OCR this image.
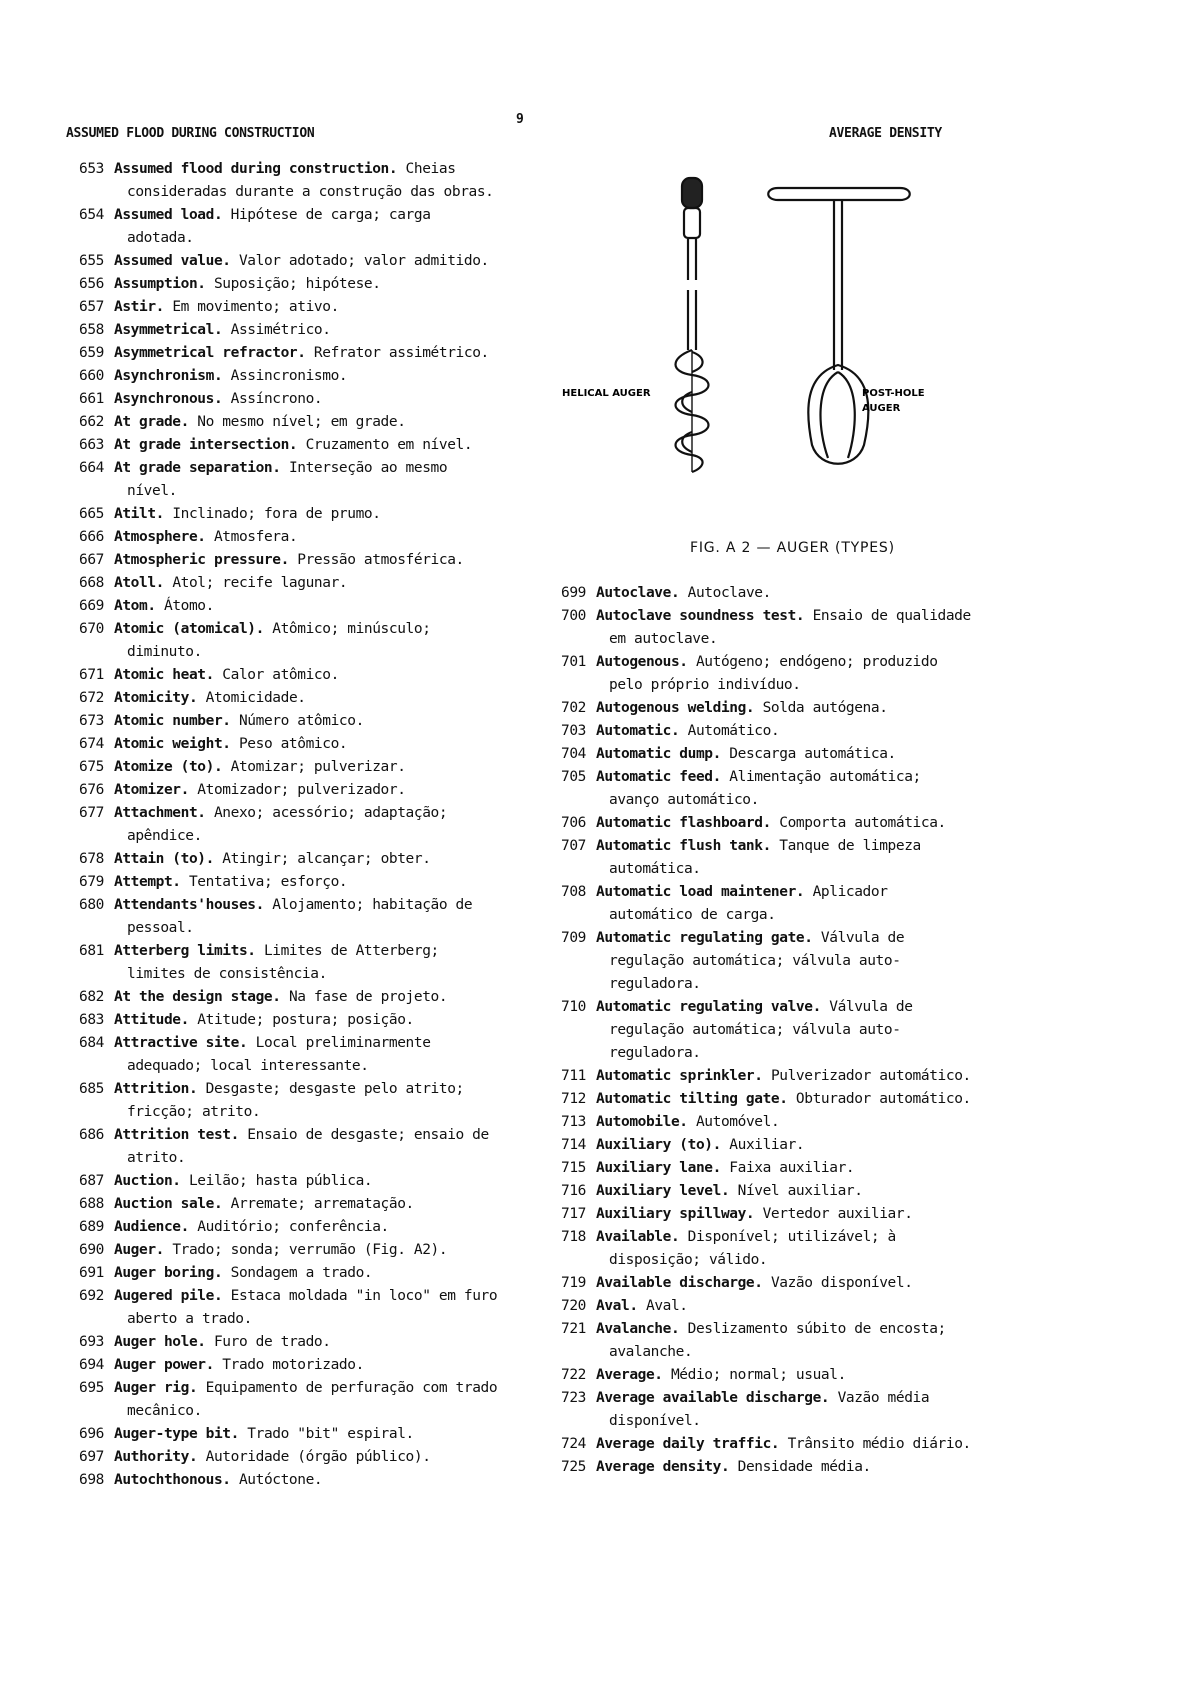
ASSUMED FLOOD DURING CONSTRUCTION
9
AVERAGE DENSITY
653 Assumed flood during construction. Cheias consideradas durante a construção das obras.
654 Assumed load. Hipótese de carga; carga adotada.
655 Assumed value. Valor adotado; valor admitido.
656 Assumption. Suposição; hipótese.
657 Astir. Em movimento; ativo.
658 Asymmetrical. Assimétrico.
659 Asymmetrical refractor. Refrator assimétrico.
660 Asynchronism. Assincronismo.
661 Asynchronous. Assíncrono.
662 At grade. No mesmo nível; em grade.
663 At grade intersection. Cruzamento em nível.
664 At grade separation. Interseção ao mesmo nível.
665 Atilt. Inclinado; fora de prumo.
666 Atmosphere. Atmosfera.
667 Atmospheric pressure. Pressão atmosférica.
668 Atoll. Atol; recife lagunar.
669 Atom. Átomo.
670 Atomic (atomical). Atômico; minúsculo; diminuto.
671 Atomic heat. Calor atômico.
672 Atomicity. Atomicidade.
673 Atomic number. Número atômico.
674 Atomic weight. Peso atômico.
675 Atomize (to). Atomizar; pulverizar.
676 Atomizer. Atomizador; pulverizador.
677 Attachment. Anexo; acessório; adaptação; apêndice.
678 Attain (to). Atingir; alcançar; obter.
679 Attempt. Tentativa; esforço.
680 Attendants'houses. Alojamento; habitação de pessoal.
681 Atterberg limits. Limites de Atterberg; limites de consistência.
682 At the design stage. Na fase de projeto.
683 Attitude. Atitude; postura; posição.
684 Attractive site. Local preliminarmente adequado; local interessante.
685 Attrition. Desgaste; desgaste pelo atrito; fricção; atrito.
686 Attrition test. Ensaio de desgaste; ensaio de atrito.
687 Auction. Leilão; hasta pública.
688 Auction sale. Arremate; arrematação.
689 Audience. Auditório; conferência.
690 Auger. Trado; sonda; verrumão (Fig. A2).
691 Auger boring. Sondagem a trado.
692 Augered pile. Estaca moldada "in loco" em furo aberto a trado.
693 Auger hole. Furo de trado.
694 Auger power. Trado motorizado.
695 Auger rig. Equipamento de perfuração com trado mecânico.
696 Auger-type bit. Trado "bit" espiral.
697 Authority. Autoridade (órgão público).
698 Autochthonous. Autóctone.
HELICAL AUGER	POST-HOLE
AUGER
FIG. A 2 — AUGER (TYPES)
699 Autoclave. Autoclave.
700 Autoclave soundness test. Ensaio de qualidade em autoclave.
701 Autogenous. Autógeno; endógeno; produzido pelo próprio indivíduo.
702 Autogenous welding. Solda autógena.
703 Automatic. Automático.
704 Automatic dump. Descarga automática.
705 Automatic feed. Alimentação automática; avanço automático.
706 Automatic flashboard. Comporta automática.
707 Automatic flush tank. Tanque de limpeza automática.
708 Automatic load maintener. Aplicador automático de carga.
709 Automatic regulating gate. Válvula de regulação automática; válvula auto-reguladora.
710 Automatic regulating valve. Válvula de regulação automática; válvula auto-reguladora.
711 Automatic sprinkler. Pulverizador automático.
712 Automatic tilting gate. Obturador automático.
713 Automobile. Automóvel.
714 Auxiliary (to). Auxiliar.
715 Auxiliary lane. Faixa auxiliar.
716 Auxiliary level. Nível auxiliar.
717 Auxiliary spillway. Vertedor auxiliar.
718 Available. Disponível; utilizável; à disposição; válido.
719 Available discharge. Vazão disponível.
720 Aval. Aval.
721 Avalanche. Deslizamento súbito de encosta; avalanche.
722 Average. Médio; normal; usual.
723 Average available discharge. Vazão média disponível.
724 Average daily traffic. Trânsito médio diário.
725 Average density. Densidade média.
